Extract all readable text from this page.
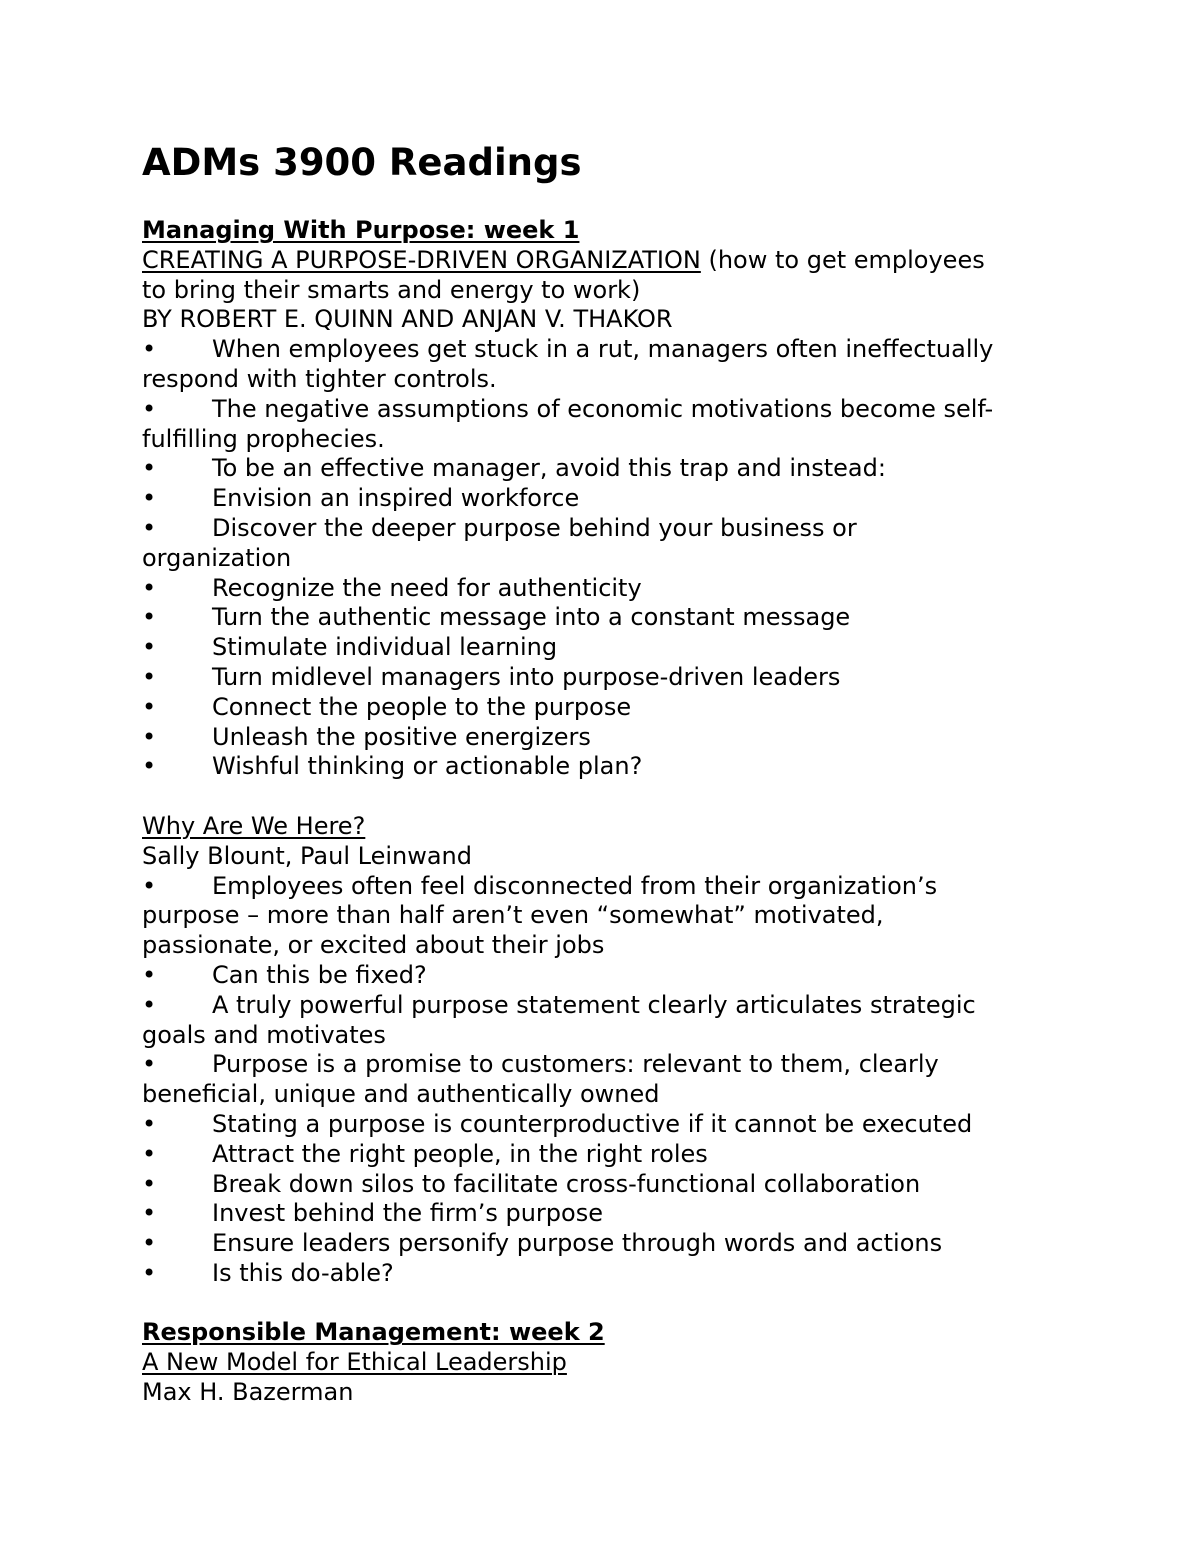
ADMs 3900 Readings

Managing With Purpose: week 1

CREATING A PURPOSE-DRIVEN ORGANIZATION (how to get employees

to bring their smarts and energy to work)

BY ROBERT E. QUINN AND ANJAN V. THAKOR

• When employees get stuck in a rut, managers often ineffectually

respond with tighter controls.

• The negative assumptions of economic motivations become self-

fulfilling prophecies.

• To be an effective manager, avoid this trap and instead:

• Envision an inspired workforce

• Discover the deeper purpose behind your business or

organization

• Recognize the need for authenticity

• Turn the authentic message into a constant message

• Stimulate individual learning

• Turn midlevel managers into purpose-driven leaders

• Connect the people to the purpose

• Unleash the positive energizers

• Wishful thinking or actionable plan?

Why Are We Here?

Sally Blount, Paul Leinwand

• Employees often feel disconnected from their organization’s

purpose – more than half aren’t even “somewhat” motivated,

passionate, or excited about their jobs

• Can this be fixed?

• A truly powerful purpose statement clearly articulates strategic

goals and motivates

• Purpose is a promise to customers: relevant to them, clearly

beneficial, unique and authentically owned

• Stating a purpose is counterproductive if it cannot be executed

• Attract the right people, in the right roles

• Break down silos to facilitate cross-functional collaboration

• Invest behind the firm’s purpose

• Ensure leaders personify purpose through words and actions

• Is this do-able?

Responsible Management: week 2

A New Model for Ethical Leadership

Max H. Bazerman
